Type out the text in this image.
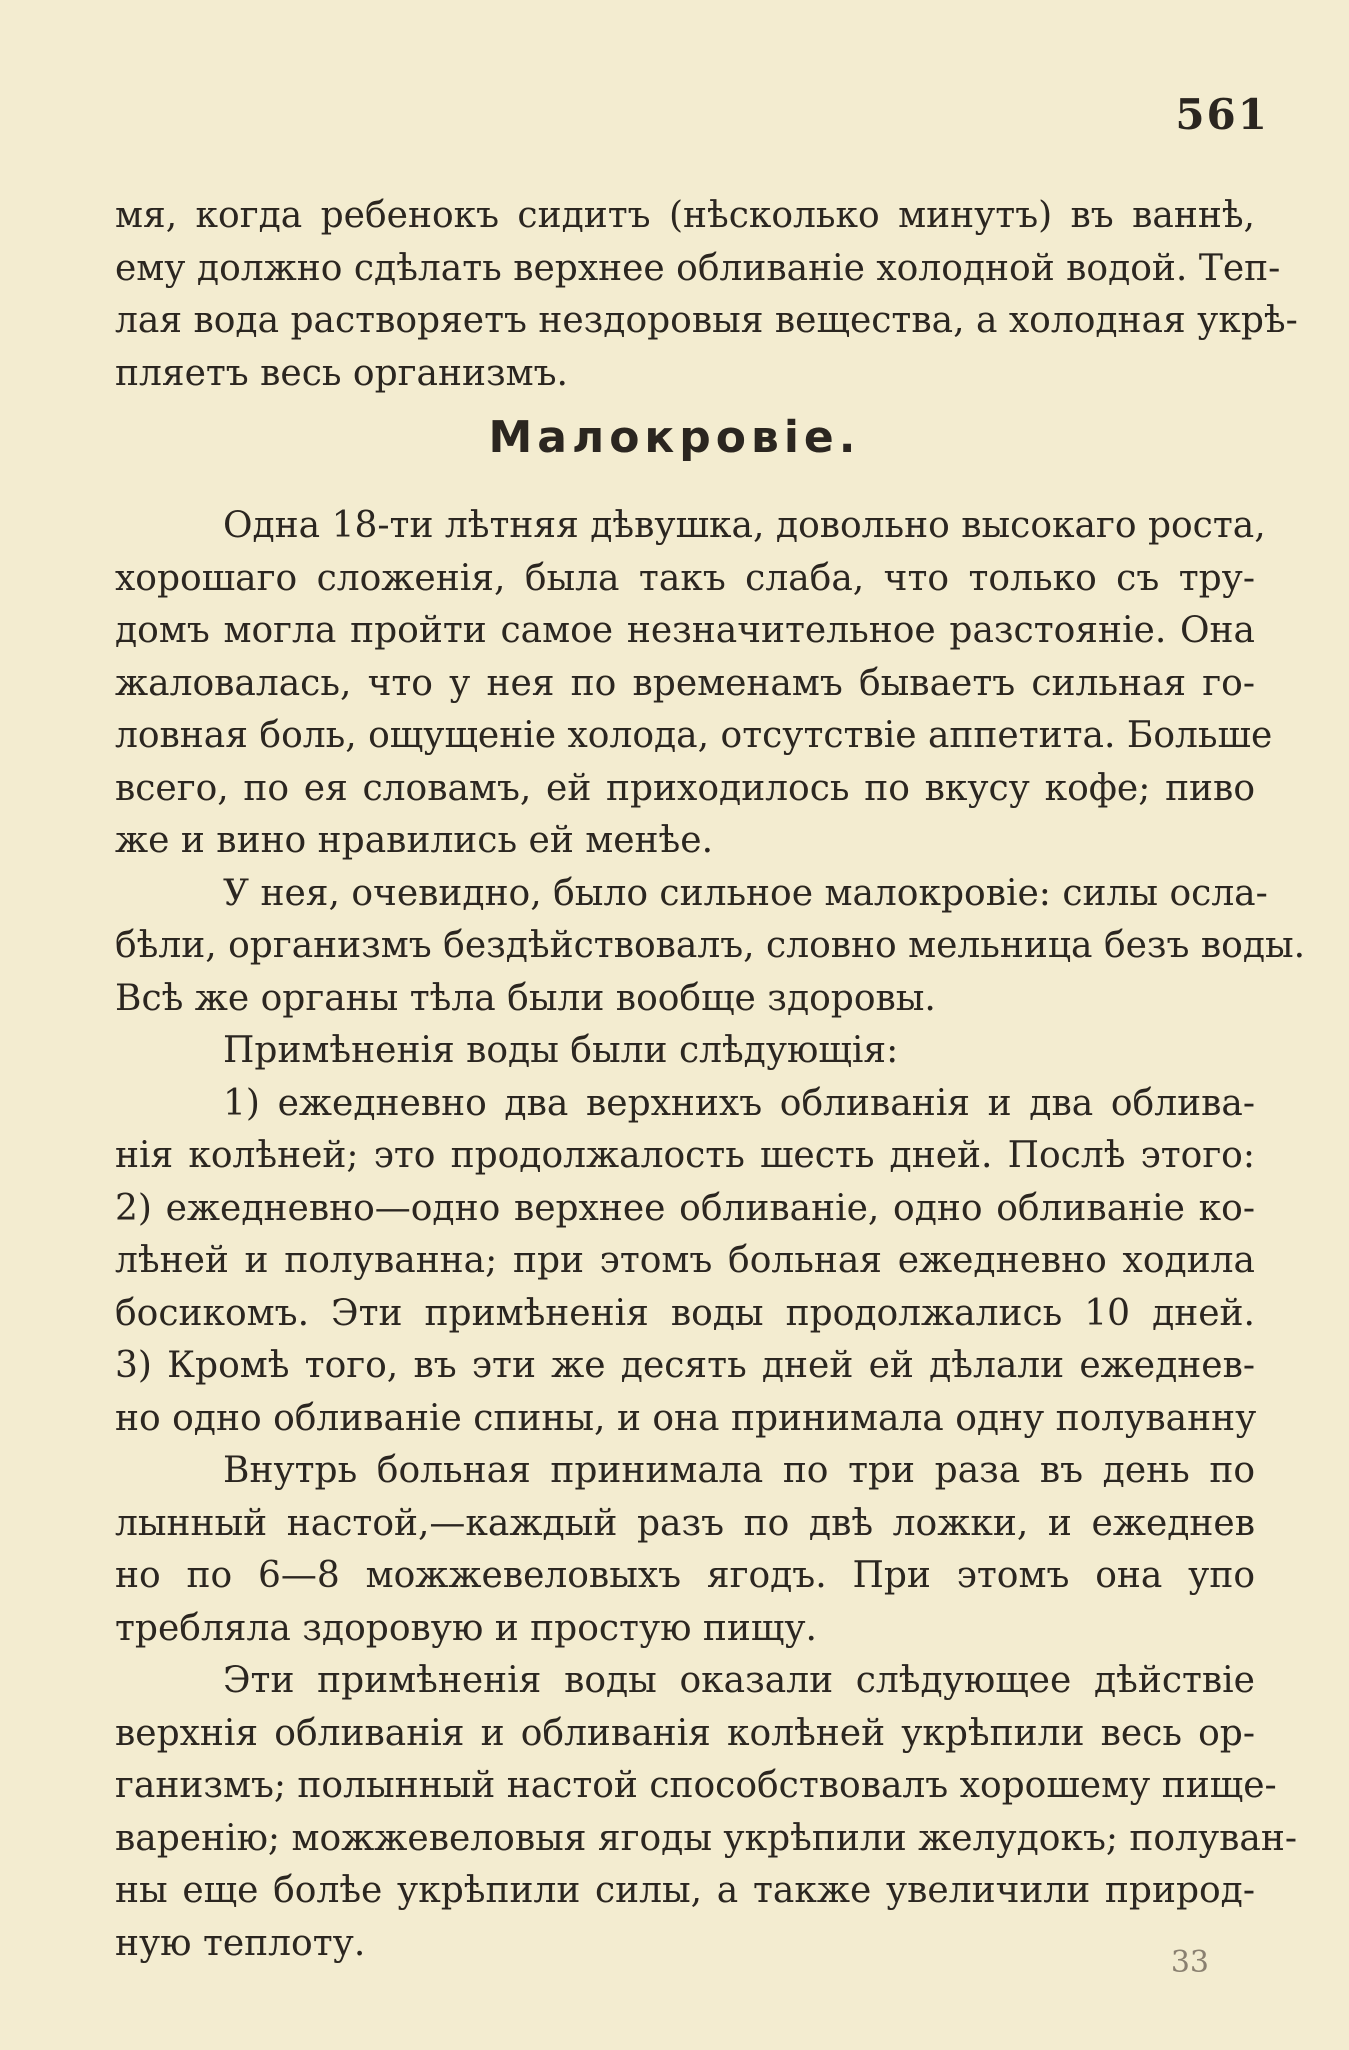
561
мя, когда ребенокъ сидитъ (нѣсколько минутъ) въ ваннѣ,
ему должно сдѣлать верхнее обливаніе холодной водой. Теп-
лая вода растворяетъ нездоровыя вещества, а холодная укрѣ-
пляетъ весь организмъ.
Малокровіе.
Одна 18-ти лѣтняя дѣвушка, довольно высокаго роста,
хорошаго сложенія, была такъ слаба, что только съ тру-
домъ могла пройти самое незначительное разстояніе. Она
жаловалась, что у нея по временамъ бываетъ сильная го-
ловная боль, ощущеніе холода, отсутствіе аппетита. Больше
всего, по ея словамъ, ей приходилось по вкусу кофе; пиво
же и вино нравились ей менѣе.
У нея, очевидно, было сильное малокровіе: силы осла-
бѣли, организмъ бездѣйствовалъ, словно мельница безъ воды.
Всѣ же органы тѣла были вообще здоровы.
Примѣненія воды были слѣдующія:
1) ежедневно два верхнихъ обливанія и два облива-
нія колѣней; это продолжалость шесть дней. Послѣ этого:
2) ежедневно—одно верхнее обливаніе, одно обливаніе ко-
лѣней и полуванна; при этомъ больная ежедневно ходила
босикомъ. Эти примѣненія воды продолжались 10 дней.
3) Кромѣ того, въ эти же десять дней ей дѣлали ежеднев-
но одно обливаніе спины, и она принимала одну полуванну
Внутрь больная принимала по три раза въ день по
лынный настой,—каждый разъ по двѣ ложки, и ежеднев
но по 6—8 можжевеловыхъ ягодъ. При этомъ она упо
требляла здоровую и простую пищу.
Эти примѣненія воды оказали слѣдующее дѣйствіе
верхнія обливанія и обливанія колѣней укрѣпили весь ор-
ганизмъ; полынный настой способствовалъ хорошему пище-
варенію; можжевеловыя ягоды укрѣпили желудокъ; полуван-
ны еще болѣе укрѣпили силы, а также увеличили природ-
ную теплоту.	33
